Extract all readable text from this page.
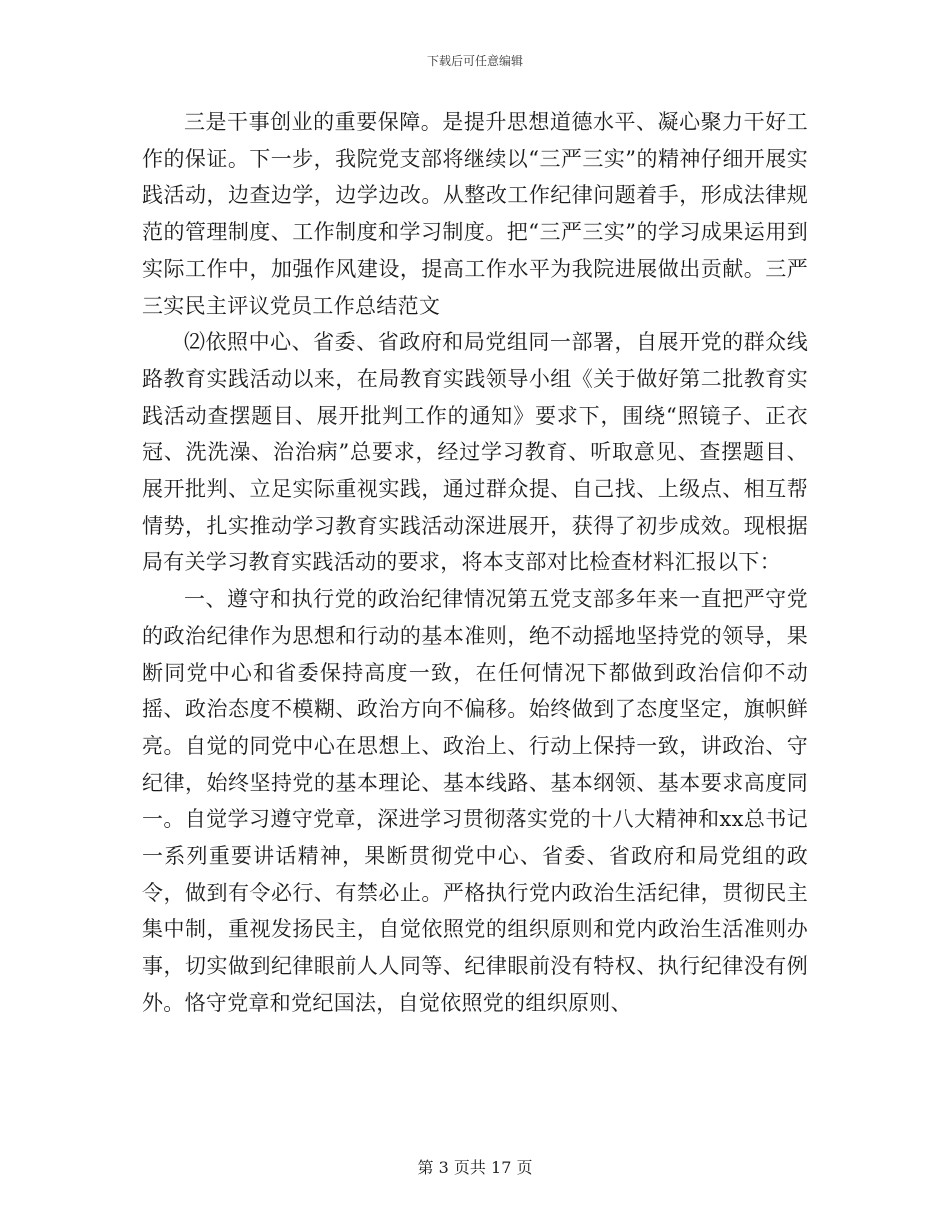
下载后可任意编辑

三是干事创业的重要保障。是提升思想道德水平、凝心聚力干好工作的保证。下一步，我院党支部将继续以“三严三实”的精神仔细开展实践活动，边查边学，边学边改。从整改工作纪律问题着手，形成法律规范的管理制度、工作制度和学习制度。把“三严三实”的学习成果运用到实际工作中，加强作风建设，提高工作水平为我院进展做出贡献。三严三实民主评议党员工作总结范文

⑵依照中心、省委、省政府和局党组同一部署，自展开党的群众线路教育实践活动以来，在局教育实践领导小组《关于做好第二批教育实践活动查摆题目、展开批判工作的通知》要求下，围绕“照镜子、正衣冠、洗洗澡、治治病”总要求，经过学习教育、听取意见、查摆题目、展开批判、立足实际重视实践，通过群众提、自己找、上级点、相互帮情势，扎实推动学习教育实践活动深进展开，获得了初步成效。现根据局有关学习教育实践活动的要求，将本支部对比检查材料汇报以下：

一、遵守和执行党的政治纪律情况第五党支部多年来一直把严守党的政治纪律作为思想和行动的基本准则，绝不动摇地坚持党的领导，果断同党中心和省委保持高度一致，在任何情况下都做到政治信仰不动摇、政治态度不模糊、政治方向不偏移。始终做到了态度坚定，旗帜鲜亮。自觉的同党中心在思想上、政治上、行动上保持一致，讲政治、守纪律，始终坚持党的基本理论、基本线路、基本纲领、基本要求高度同一。自觉学习遵守党章，深进学习贯彻落实党的十八大精神和xx总书记一系列重要讲话精神，果断贯彻党中心、省委、省政府和局党组的政令，做到有令必行、有禁必止。严格执行党内政治生活纪律，贯彻民主集中制，重视发扬民主，自觉依照党的组织原则和党内政治生活准则办事，切实做到纪律眼前人人同等、纪律眼前没有特权、执行纪律没有例外。恪守党章和党纪国法，自觉依照党的组织原则、

第 3 页共 17 页
